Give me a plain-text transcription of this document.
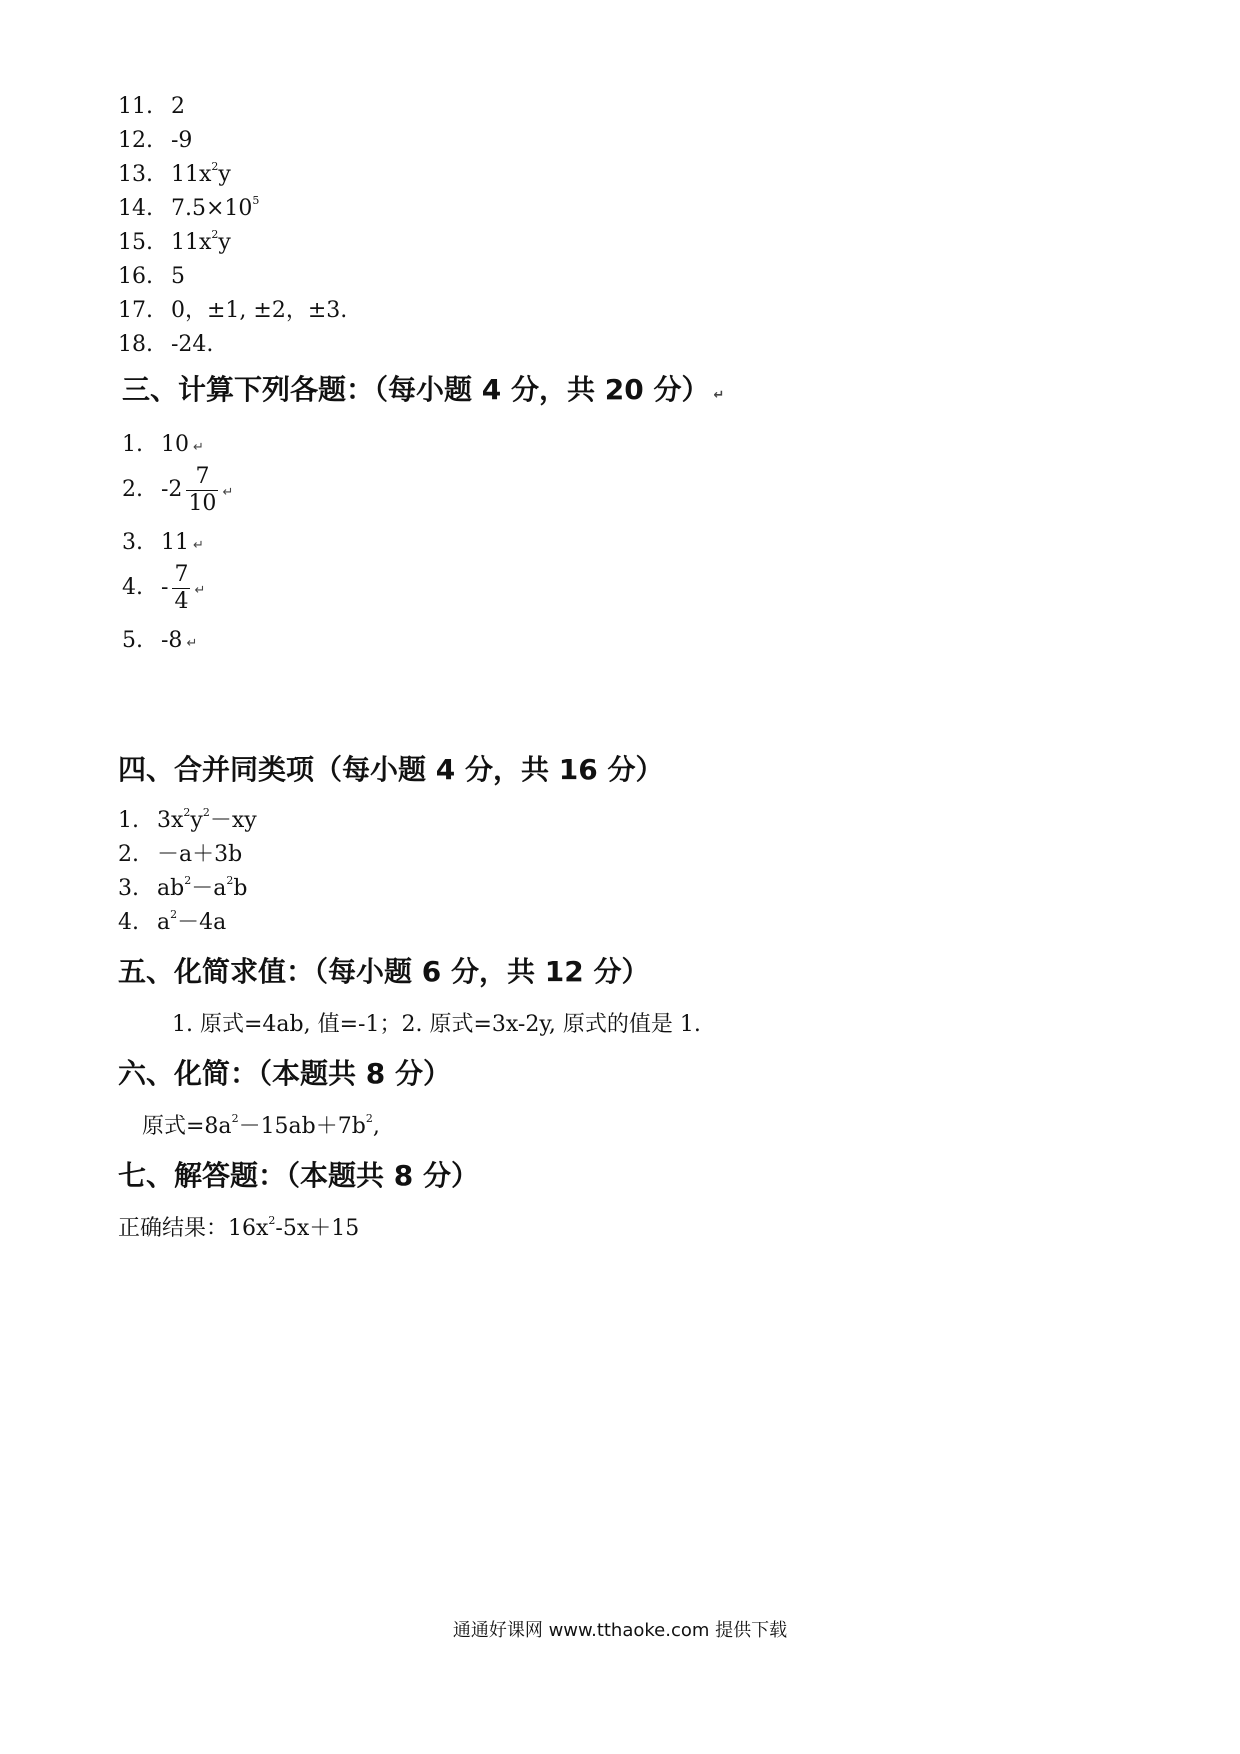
11. 2
12. -9
13. $11x^2y$
14. $7.5\times 10^5$
15. $11x^2y$
16. 5
17. 0，±1, ±2，±3.
18. -24.
三、计算下列各题：（每小题 4 分，共 20 分） ↵
1. 10 ↵
2. $-2 \frac{7}{10}$ ↵
3. 11 ↵
4. - $\frac{7}{4}$ ↵
5. -8 ↵
四、合并同类项（每小题 4 分，共 16 分）
1. $3x^2y^2-xy$
2. －a＋3b
3. $ab^2-a^2b$
4. $a^2-4a$
五、化简求值：（每小题 6 分，共 12 分）
1. 原式=4ab, 值=-1；2. 原式=3x-2y, 原式的值是 1.
六、化简：（本题共 8 分）
原式$=8a^2-15ab+7b^2$,
七、解答题：（本题共 8 分）
正确结果：$16x^2-5x+15$
通通好课网 www.tthaoke.com 提供下载
